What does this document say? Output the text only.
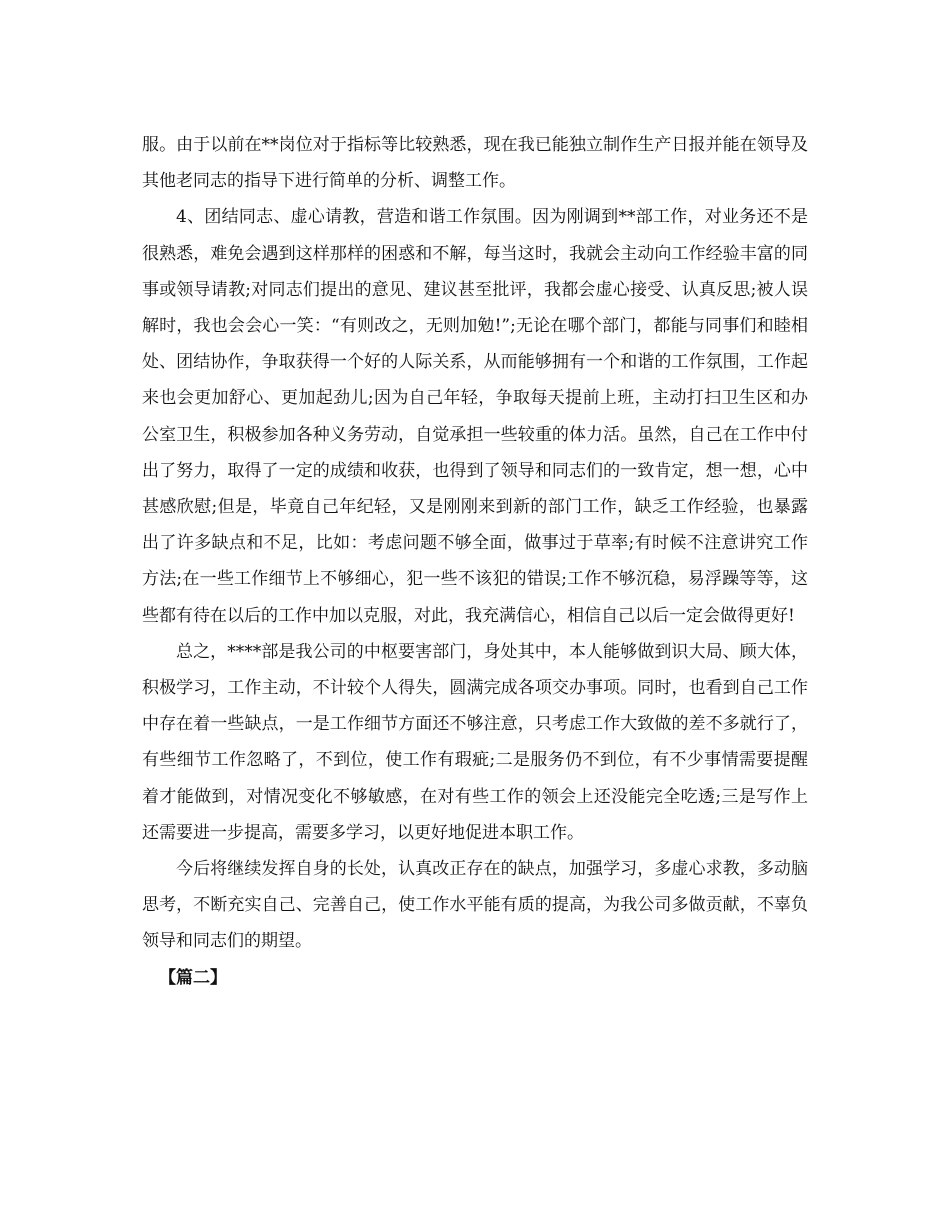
服。由于以前在**岗位对于指标等比较熟悉，现在我已能独立制作生产日报并能在领导及其他老同志的指导下进行简单的分析、调整工作。

4、团结同志、虚心请教，营造和谐工作氛围。因为刚调到**部工作，对业务还不是很熟悉，难免会遇到这样那样的困惑和不解，每当这时，我就会主动向工作经验丰富的同事或领导请教;对同志们提出的意见、建议甚至批评，我都会虚心接受、认真反思;被人误解时，我也会会心一笑：“有则改之，无则加勉!”;无论在哪个部门，都能与同事们和睦相处、团结协作，争取获得一个好的人际关系，从而能够拥有一个和谐的工作氛围，工作起来也会更加舒心、更加起劲儿;因为自己年轻，争取每天提前上班，主动打扫卫生区和办公室卫生，积极参加各种义务劳动，自觉承担一些较重的体力活。虽然，自己在工作中付出了努力，取得了一定的成绩和收获，也得到了领导和同志们的一致肯定，想一想，心中甚感欣慰;但是，毕竟自己年纪轻，又是刚刚来到新的部门工作，缺乏工作经验，也暴露出了许多缺点和不足，比如：考虑问题不够全面，做事过于草率;有时候不注意讲究工作方法;在一些工作细节上不够细心，犯一些不该犯的错误;工作不够沉稳，易浮躁等等，这些都有待在以后的工作中加以克服，对此，我充满信心，相信自己以后一定会做得更好!

总之，****部是我公司的中枢要害部门，身处其中，本人能够做到识大局、顾大体，积极学习，工作主动，不计较个人得失，圆满完成各项交办事项。同时，也看到自己工作中存在着一些缺点，一是工作细节方面还不够注意，只考虑工作大致做的差不多就行了，有些细节工作忽略了，不到位，使工作有瑕疵;二是服务仍不到位，有不少事情需要提醒着才能做到，对情况变化不够敏感，在对有些工作的领会上还没能完全吃透;三是写作上还需要进一步提高，需要多学习，以更好地促进本职工作。

今后将继续发挥自身的长处，认真改正存在的缺点，加强学习，多虚心求教，多动脑思考，不断充实自己、完善自己，使工作水平能有质的提高，为我公司多做贡献，不辜负领导和同志们的期望。

【篇二】
